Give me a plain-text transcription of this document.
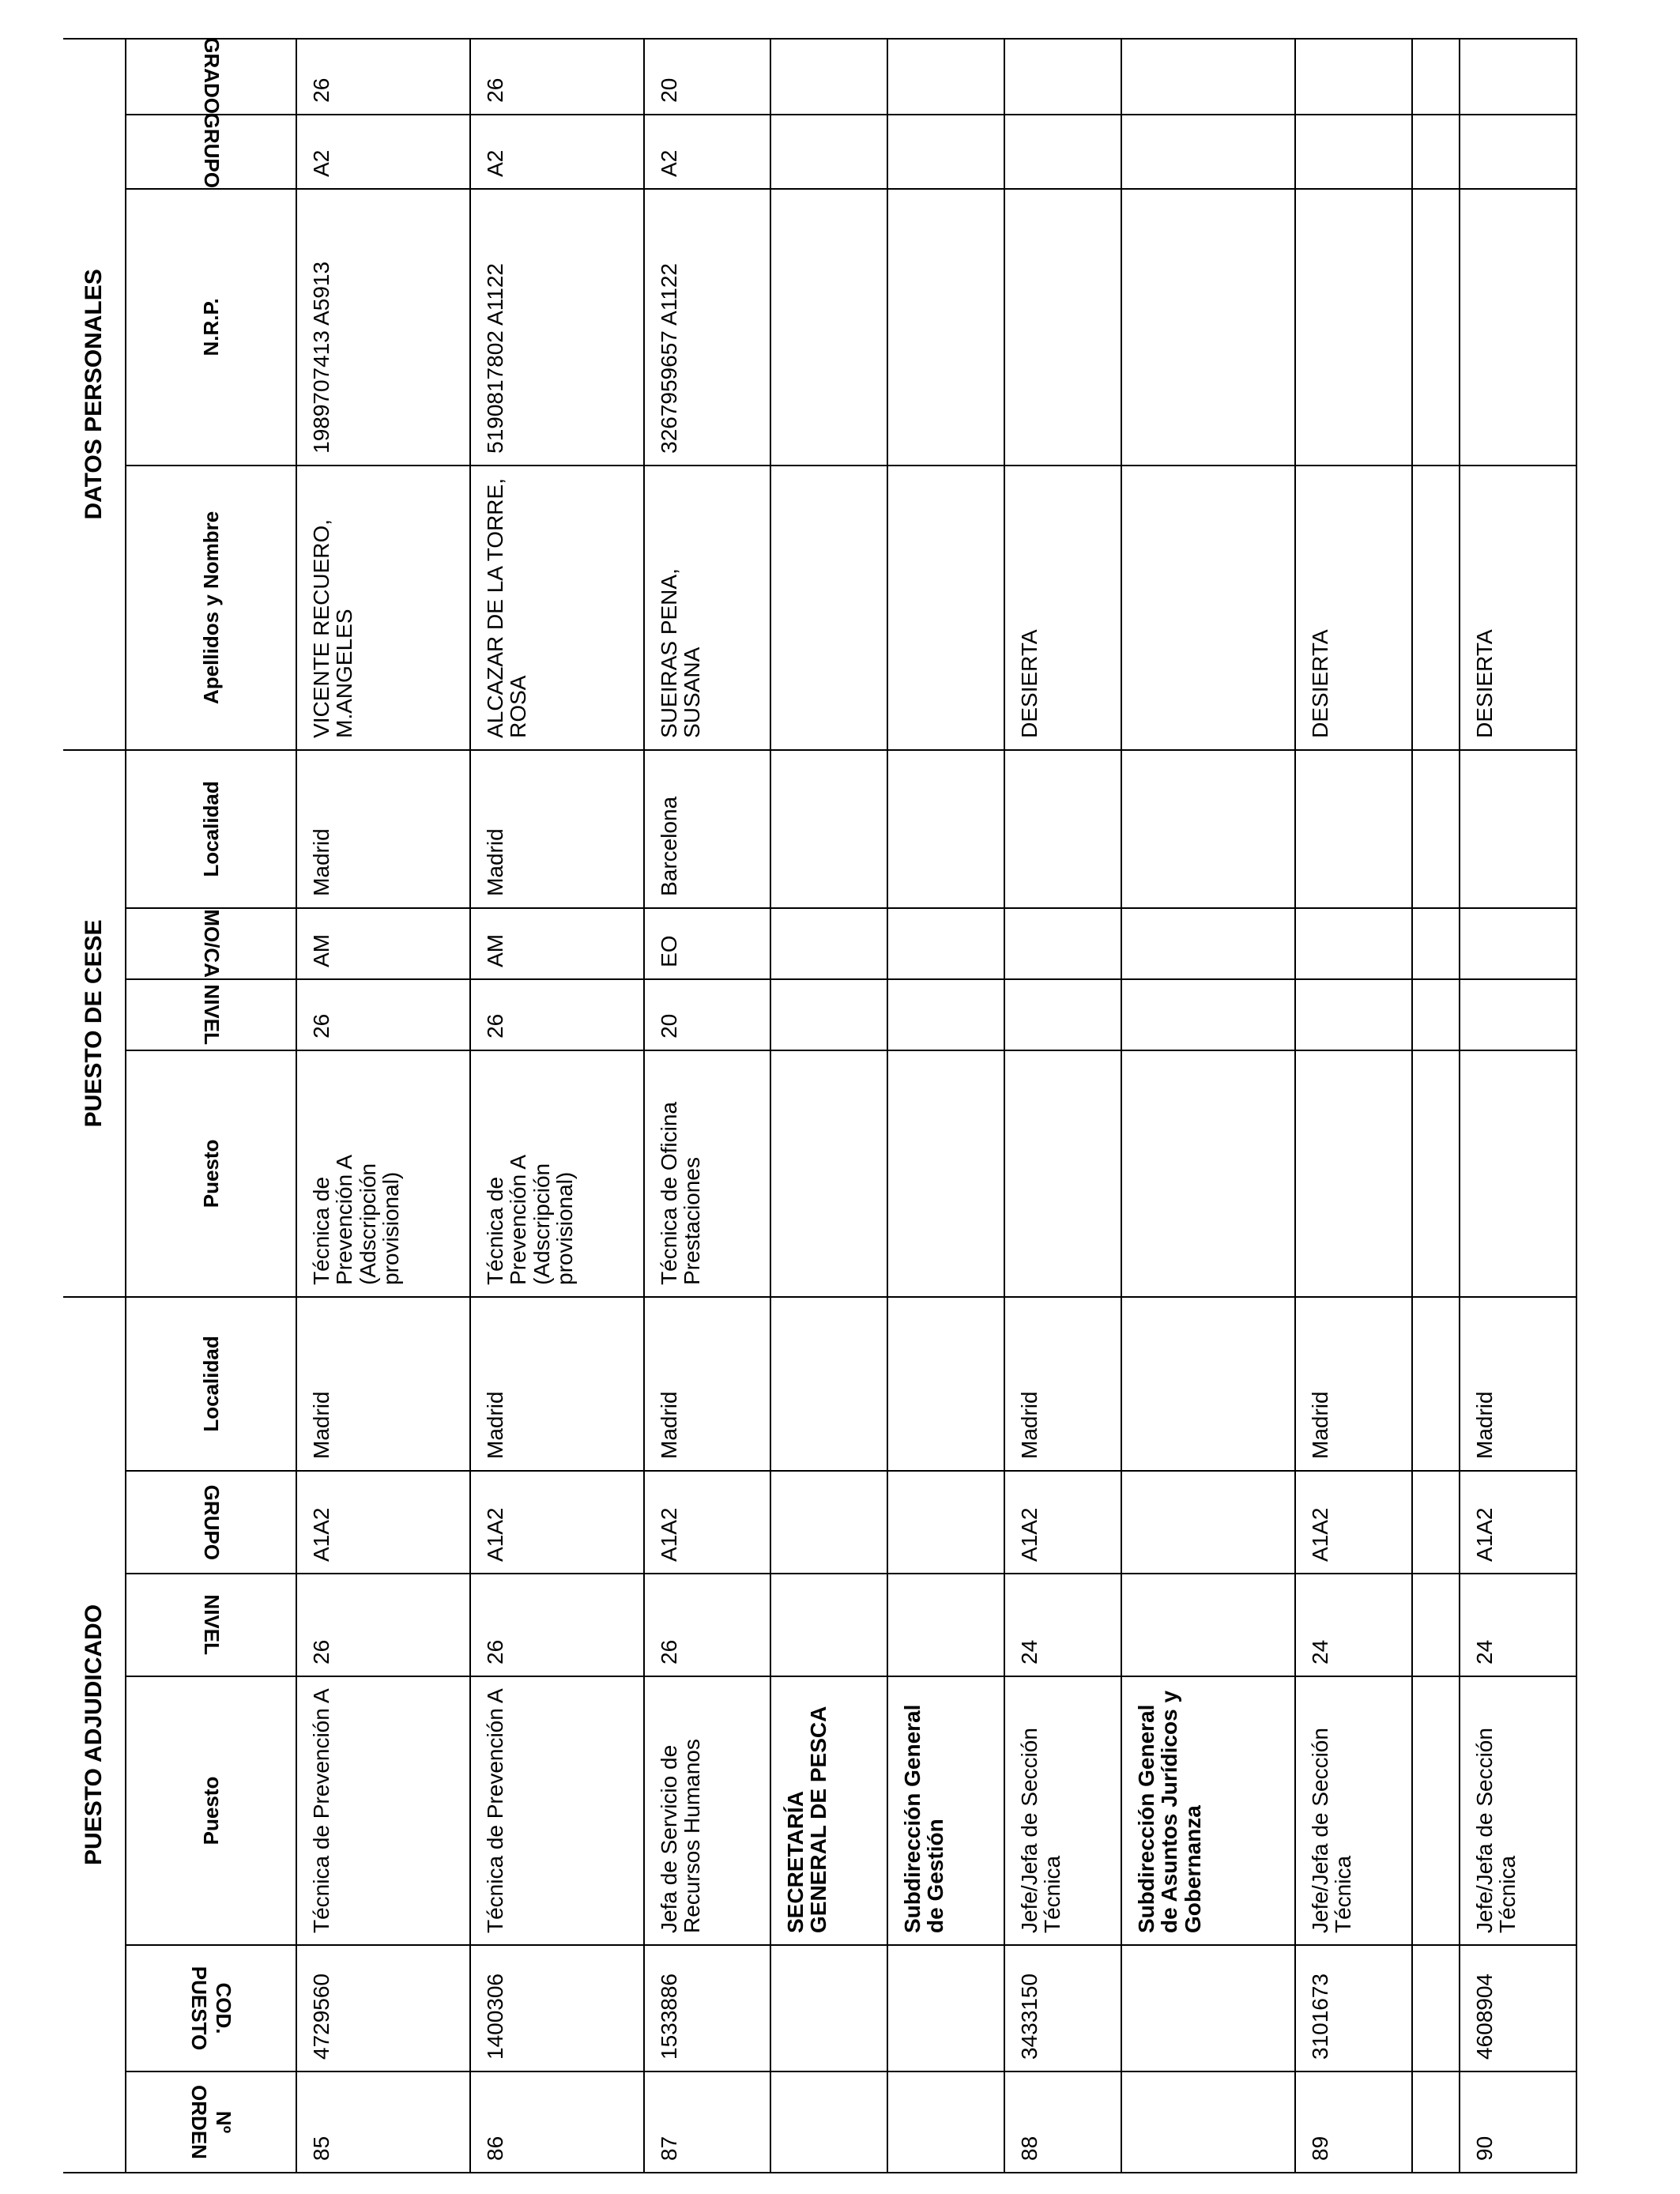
PUESTO ADJUDICADO						PUESTO DE CESE				DATOS PERSONALES			
Nº ORDEN	COD. PUESTO	Puesto	NIVEL	GRUPO	Localidad	Puesto	NIVEL	MO/CA	Localidad	Apellidos y Nombre	N.R.P.	GRUPO	GRADO
85	4729560	Técnica de Prevención A	26	A1A2	Madrid	Técnica de Prevención A (Adscripción provisional)	26	AM	Madrid	VICENTE RECUERO, M.ANGELES	1989707413 A5913	A2	26
86	1400306	Técnica de Prevención A	26	A1A2	Madrid	Técnica de Prevención A (Adscripción provisional)	26	AM	Madrid	ALCAZAR DE LA TORRE, ROSA	5190817802 A1122	A2	26
87	1533886	Jefa de Servicio de Recursos Humanos	26	A1A2	Madrid	Técnica de Oficina Prestaciones	20	EO	Barcelona	SUEIRAS PENA, SUSANA	3267959657 A1122	A2	20
		SECRETARÍA GENERAL DE PESCA											
		Subdirección General de Gestión											
88	3433150	Jefe/Jefa de Sección Técnica	24	A1A2	Madrid					DESIERTA			
		Subdirección General de Asuntos Jurídicos y Gobernanza											
89	3101673	Jefe/Jefa de Sección Técnica	24	A1A2	Madrid					DESIERTA			

90	4608904	Jefe/Jefa de Sección Técnica	24	A1A2	Madrid					DESIERTA			
